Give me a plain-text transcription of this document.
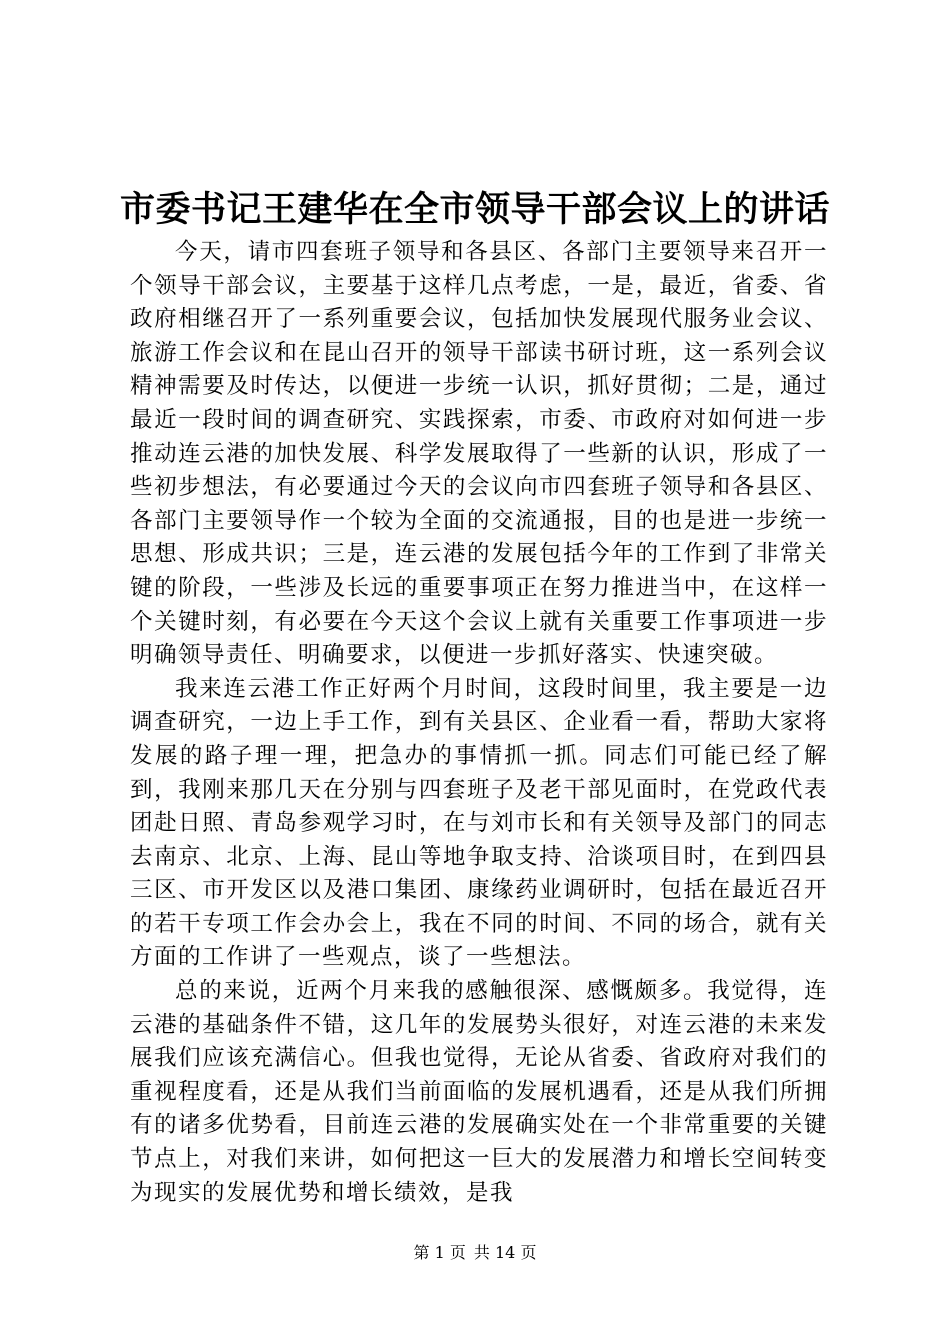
市委书记王建华在全市领导干部会议上的讲话

今天，请市四套班子领导和各县区、各部门主要领导来召开一个领导干部会议，主要基于这样几点考虑，一是，最近，省委、省政府相继召开了一系列重要会议，包括加快发展现代服务业会议、旅游工作会议和在昆山召开的领导干部读书研讨班，这一系列会议精神需要及时传达，以便进一步统一认识，抓好贯彻；二是，通过最近一段时间的调查研究、实践探索，市委、市政府对如何进一步推动连云港的加快发展、科学发展取得了一些新的认识，形成了一些初步想法，有必要通过今天的会议向市四套班子领导和各县区、各部门主要领导作一个较为全面的交流通报，目的也是进一步统一思想、形成共识；三是，连云港的发展包括今年的工作到了非常关键的阶段，一些涉及长远的重要事项正在努力推进当中，在这样一个关键时刻，有必要在今天这个会议上就有关重要工作事项进一步明确领导责任、明确要求，以便进一步抓好落实、快速突破。

我来连云港工作正好两个月时间，这段时间里，我主要是一边调查研究，一边上手工作，到有关县区、企业看一看，帮助大家将发展的路子理一理，把急办的事情抓一抓。同志们可能已经了解到，我刚来那几天在分别与四套班子及老干部见面时，在党政代表团赴日照、青岛参观学习时，在与刘市长和有关领导及部门的同志去南京、北京、上海、昆山等地争取支持、洽谈项目时，在到四县三区、市开发区以及港口集团、康缘药业调研时，包括在最近召开的若干专项工作会办会上，我在不同的时间、不同的场合，就有关方面的工作讲了一些观点，谈了一些想法。

总的来说，近两个月来我的感触很深、感慨颇多。我觉得，连云港的基础条件不错，这几年的发展势头很好，对连云港的未来发展我们应该充满信心。但我也觉得，无论从省委、省政府对我们的重视程度看，还是从我们当前面临的发展机遇看，还是从我们所拥有的诸多优势看，目前连云港的发展确实处在一个非常重要的关键节点上，对我们来讲，如何把这一巨大的发展潜力和增长空间转变为现实的发展优势和增长绩效，是我

第 1 页 共 14 页
